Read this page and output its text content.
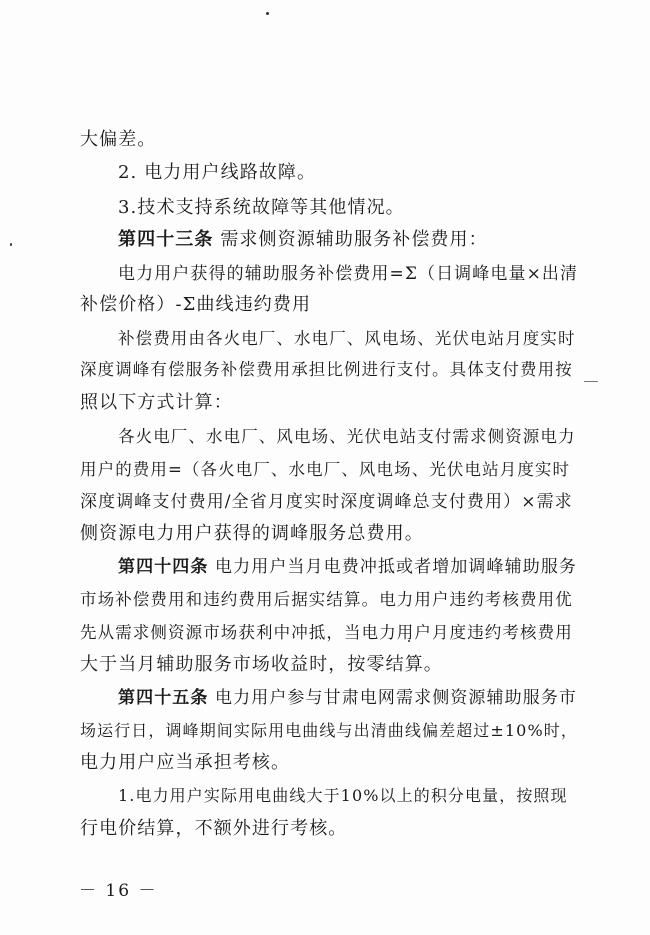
大偏差。
2. 电力用户线路故障。
3.技术支持系统故障等其他情况。
第四十三条 需求侧资源辅助服务补偿费用：
电力用户获得的辅助服务补偿费用=Σ（日调峰电量×出清
补偿价格）-Σ曲线违约费用
补偿费用由各火电厂、水电厂、风电场、光伏电站月度实时
深度调峰有偿服务补偿费用承担比例进行支付。具体支付费用按
照以下方式计算：
各火电厂、水电厂、风电场、光伏电站支付需求侧资源电力
用户的费用=（各火电厂、水电厂、风电场、光伏电站月度实时
深度调峰支付费用/全省月度实时深度调峰总支付费用）×需求
侧资源电力用户获得的调峰服务总费用。
第四十四条 电力用户当月电费冲抵或者增加调峰辅助服务
市场补偿费用和违约费用后据实结算。电力用户违约考核费用优
先从需求侧资源市场获利中冲抵，当电力用户月度违约考核费用
大于当月辅助服务市场收益时，按零结算。
第四十五条 电力用户参与甘肃电网需求侧资源辅助服务市
场运行日，调峰期间实际用电曲线与出清曲线偏差超过±10%时，
电力用户应当承担考核。
1.电力用户实际用电曲线大于10%以上的积分电量，按照现
行电价结算，不额外进行考核。
－ 16 －
